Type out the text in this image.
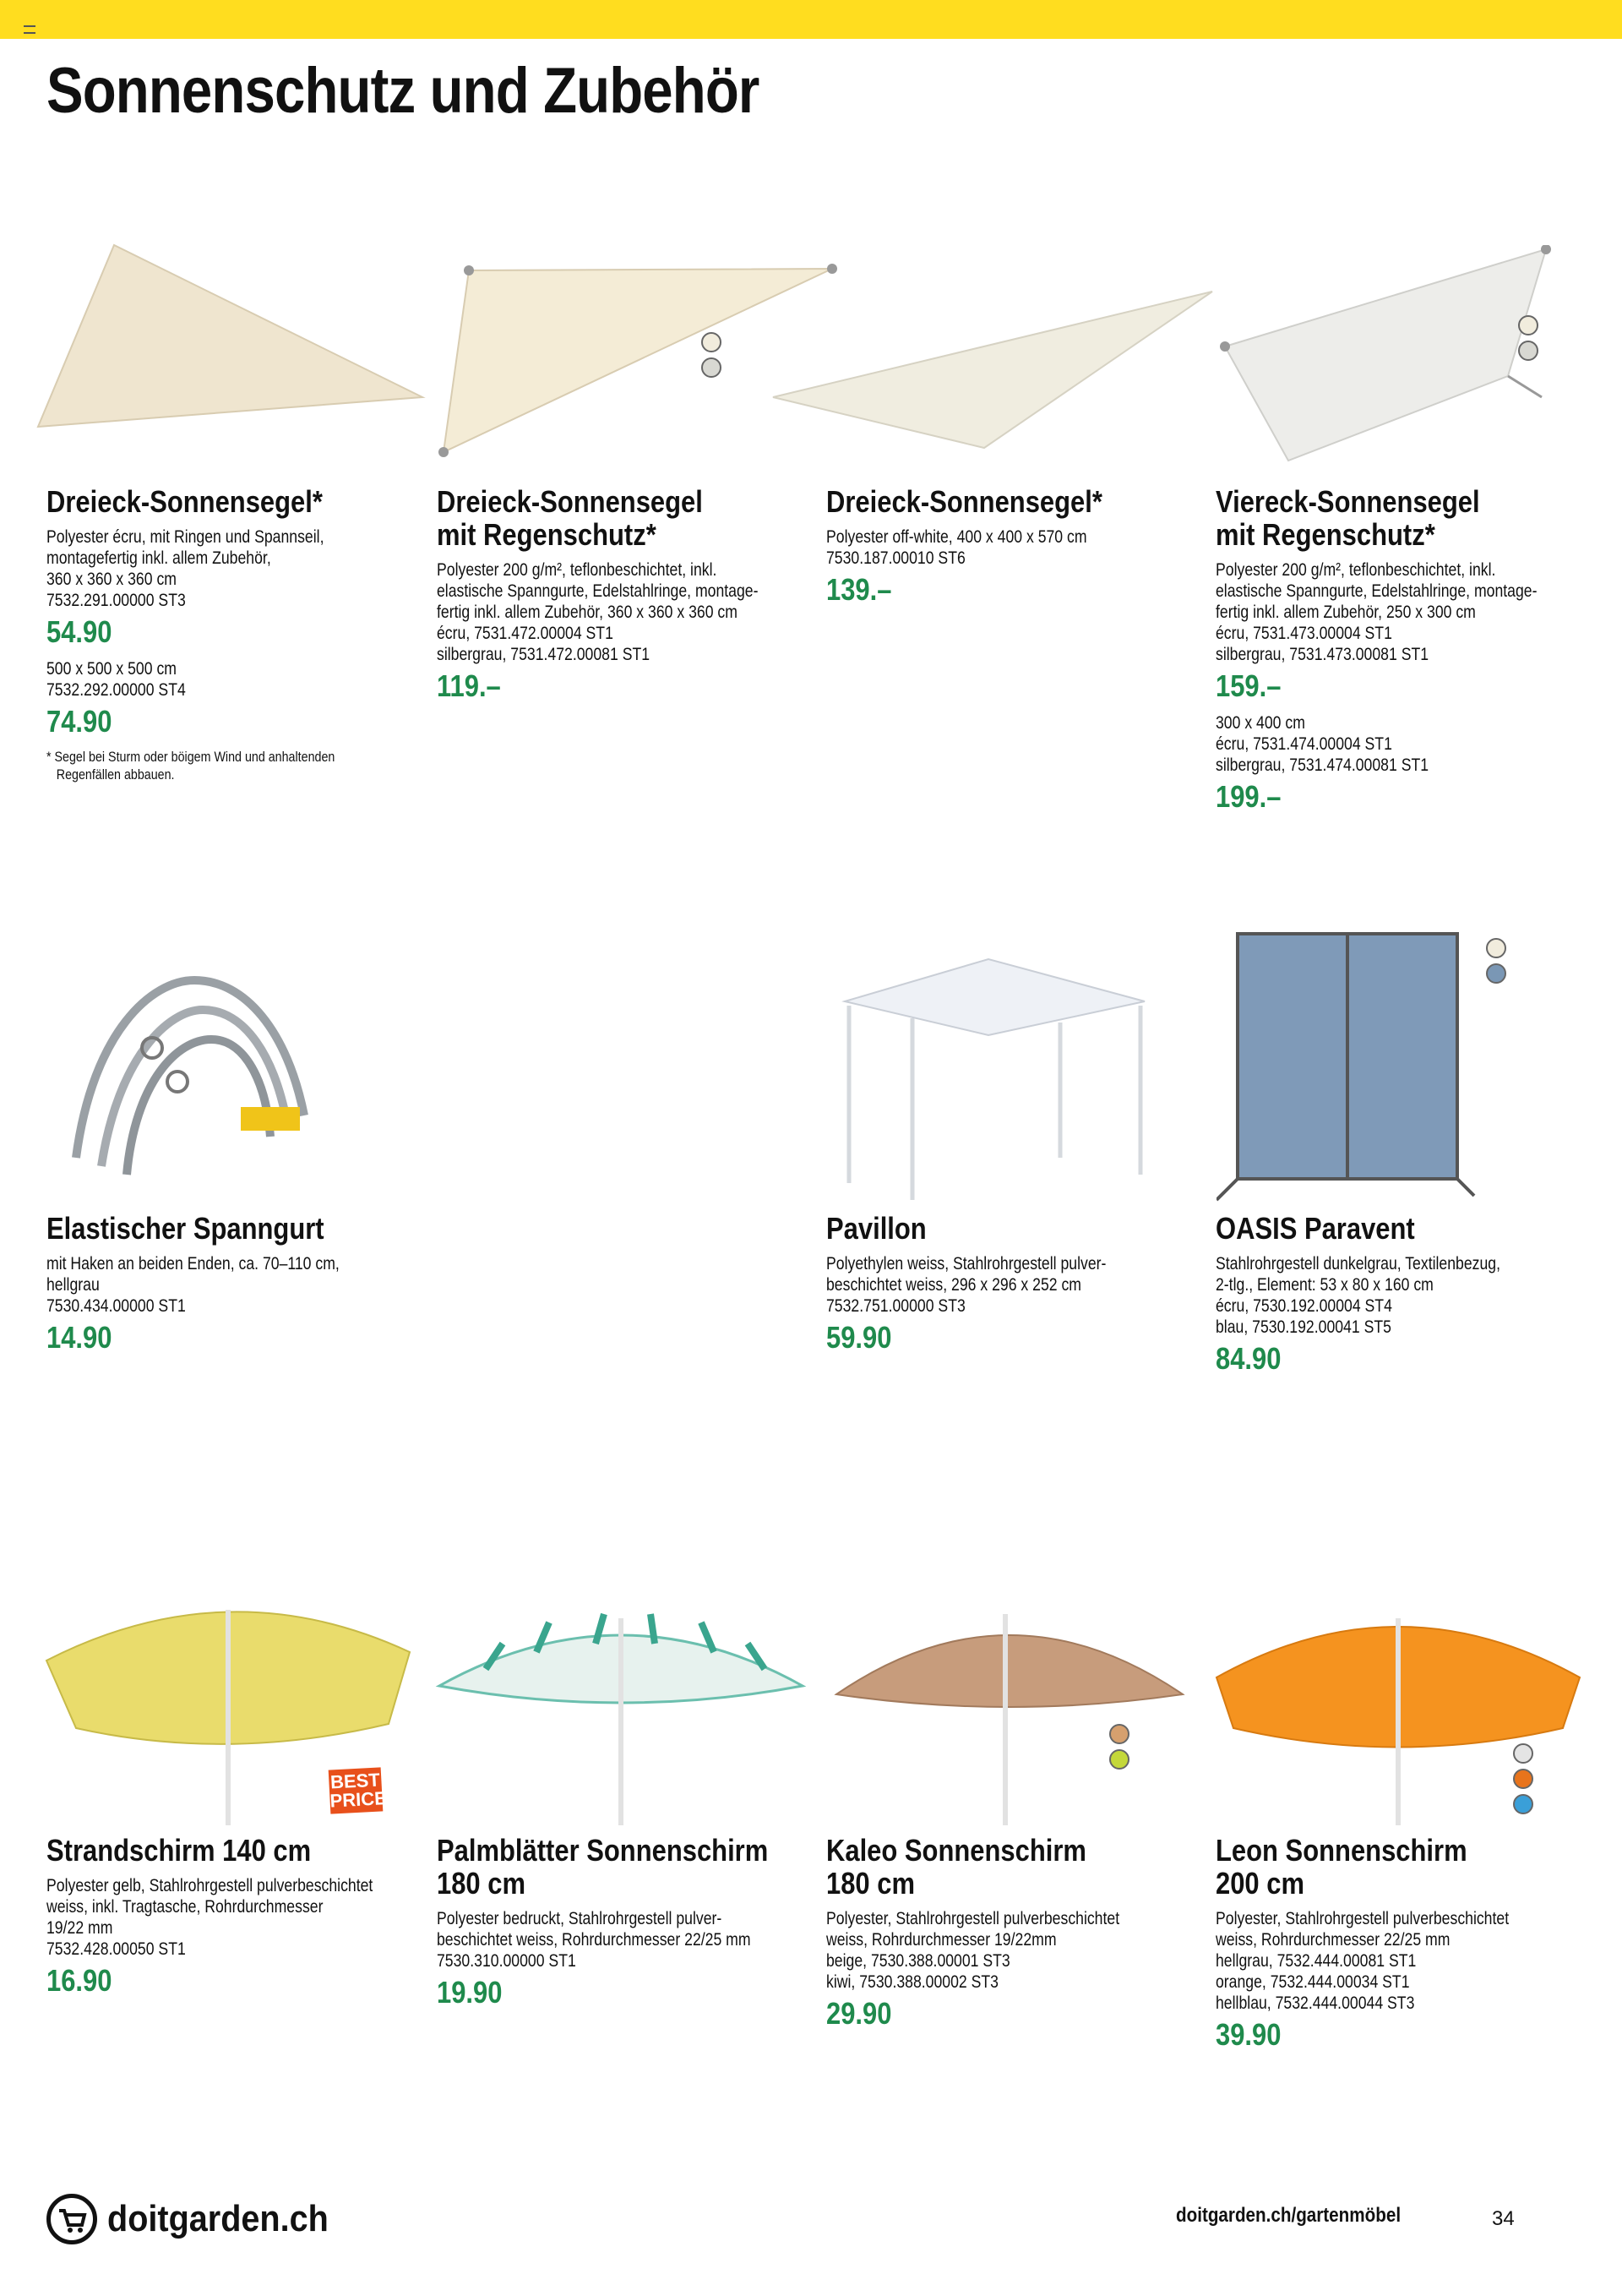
Sonnenschutz und Zubehör
BEST
PRICE
Dreieck-Sonnensegel*
Polyester écru, mit Ringen und Spannseil,
montagefertig inkl. allem Zubehör,
360 x 360 x 360 cm
7532.291.00000 ST3
54.90
500 x 500 x 500 cm
7532.292.00000 ST4
74.90
* Segel bei Sturm oder böigem Wind und anhaltenden
Regenfällen abbauen.
Dreieck-Sonnensegel
mit Regenschutz*
Polyester 200 g/m², teflonbeschichtet, inkl.
elastische Spanngurte, Edelstahlringe, montage-
fertig inkl. allem Zubehör, 360 x 360 x 360 cm
écru, 7531.472.00004 ST1
silbergrau, 7531.472.00081 ST1
119.–
Dreieck-Sonnensegel*
Polyester off-white, 400 x 400 x 570 cm
7530.187.00010 ST6
139.–
Viereck-Sonnensegel
mit Regenschutz*
Polyester 200 g/m², teflonbeschichtet, inkl.
elastische Spanngurte, Edelstahlringe, montage-
fertig inkl. allem Zubehör, 250 x 300 cm
écru, 7531.473.00004 ST1
silbergrau, 7531.473.00081 ST1
159.–
300 x 400 cm
écru, 7531.474.00004 ST1
silbergrau, 7531.474.00081 ST1
199.–
Elastischer Spanngurt
mit Haken an beiden Enden, ca. 70–110 cm,
hellgrau
7530.434.00000 ST1
14.90
Pavillon
Polyethylen weiss, Stahlrohrgestell pulver-
beschichtet weiss, 296 x 296 x 252 cm
7532.751.00000 ST3
59.90
OASIS Paravent
Stahlrohrgestell dunkelgrau, Textilenbezug,
2-tlg., Element: 53 x 80 x 160 cm
écru, 7530.192.00004 ST4
blau, 7530.192.00041 ST5
84.90
Strandschirm 140 cm
Polyester gelb, Stahlrohrgestell pulverbeschichtet
weiss, inkl. Tragtasche, Rohrdurchmesser
19/22 mm
7532.428.00050 ST1
16.90
Palmblätter Sonnenschirm
180 cm
Polyester bedruckt, Stahlrohrgestell pulver-
beschichtet weiss, Rohrdurchmesser 22/25 mm
7530.310.00000 ST1
19.90
Kaleo Sonnenschirm
180 cm
Polyester, Stahlrohrgestell pulverbeschichtet
weiss, Rohrdurchmesser 19/22mm
beige, 7530.388.00001 ST3
kiwi, 7530.388.00002 ST3
29.90
Leon Sonnenschirm
200 cm
Polyester, Stahlrohrgestell pulverbeschichtet
weiss, Rohrdurchmesser 22/25 mm
hellgrau, 7532.444.00081 ST1
orange, 7532.444.00034 ST1
hellblau, 7532.444.00044 ST3
39.90
doitgarden.ch	doitgarden.ch/gartenmöbel	34
